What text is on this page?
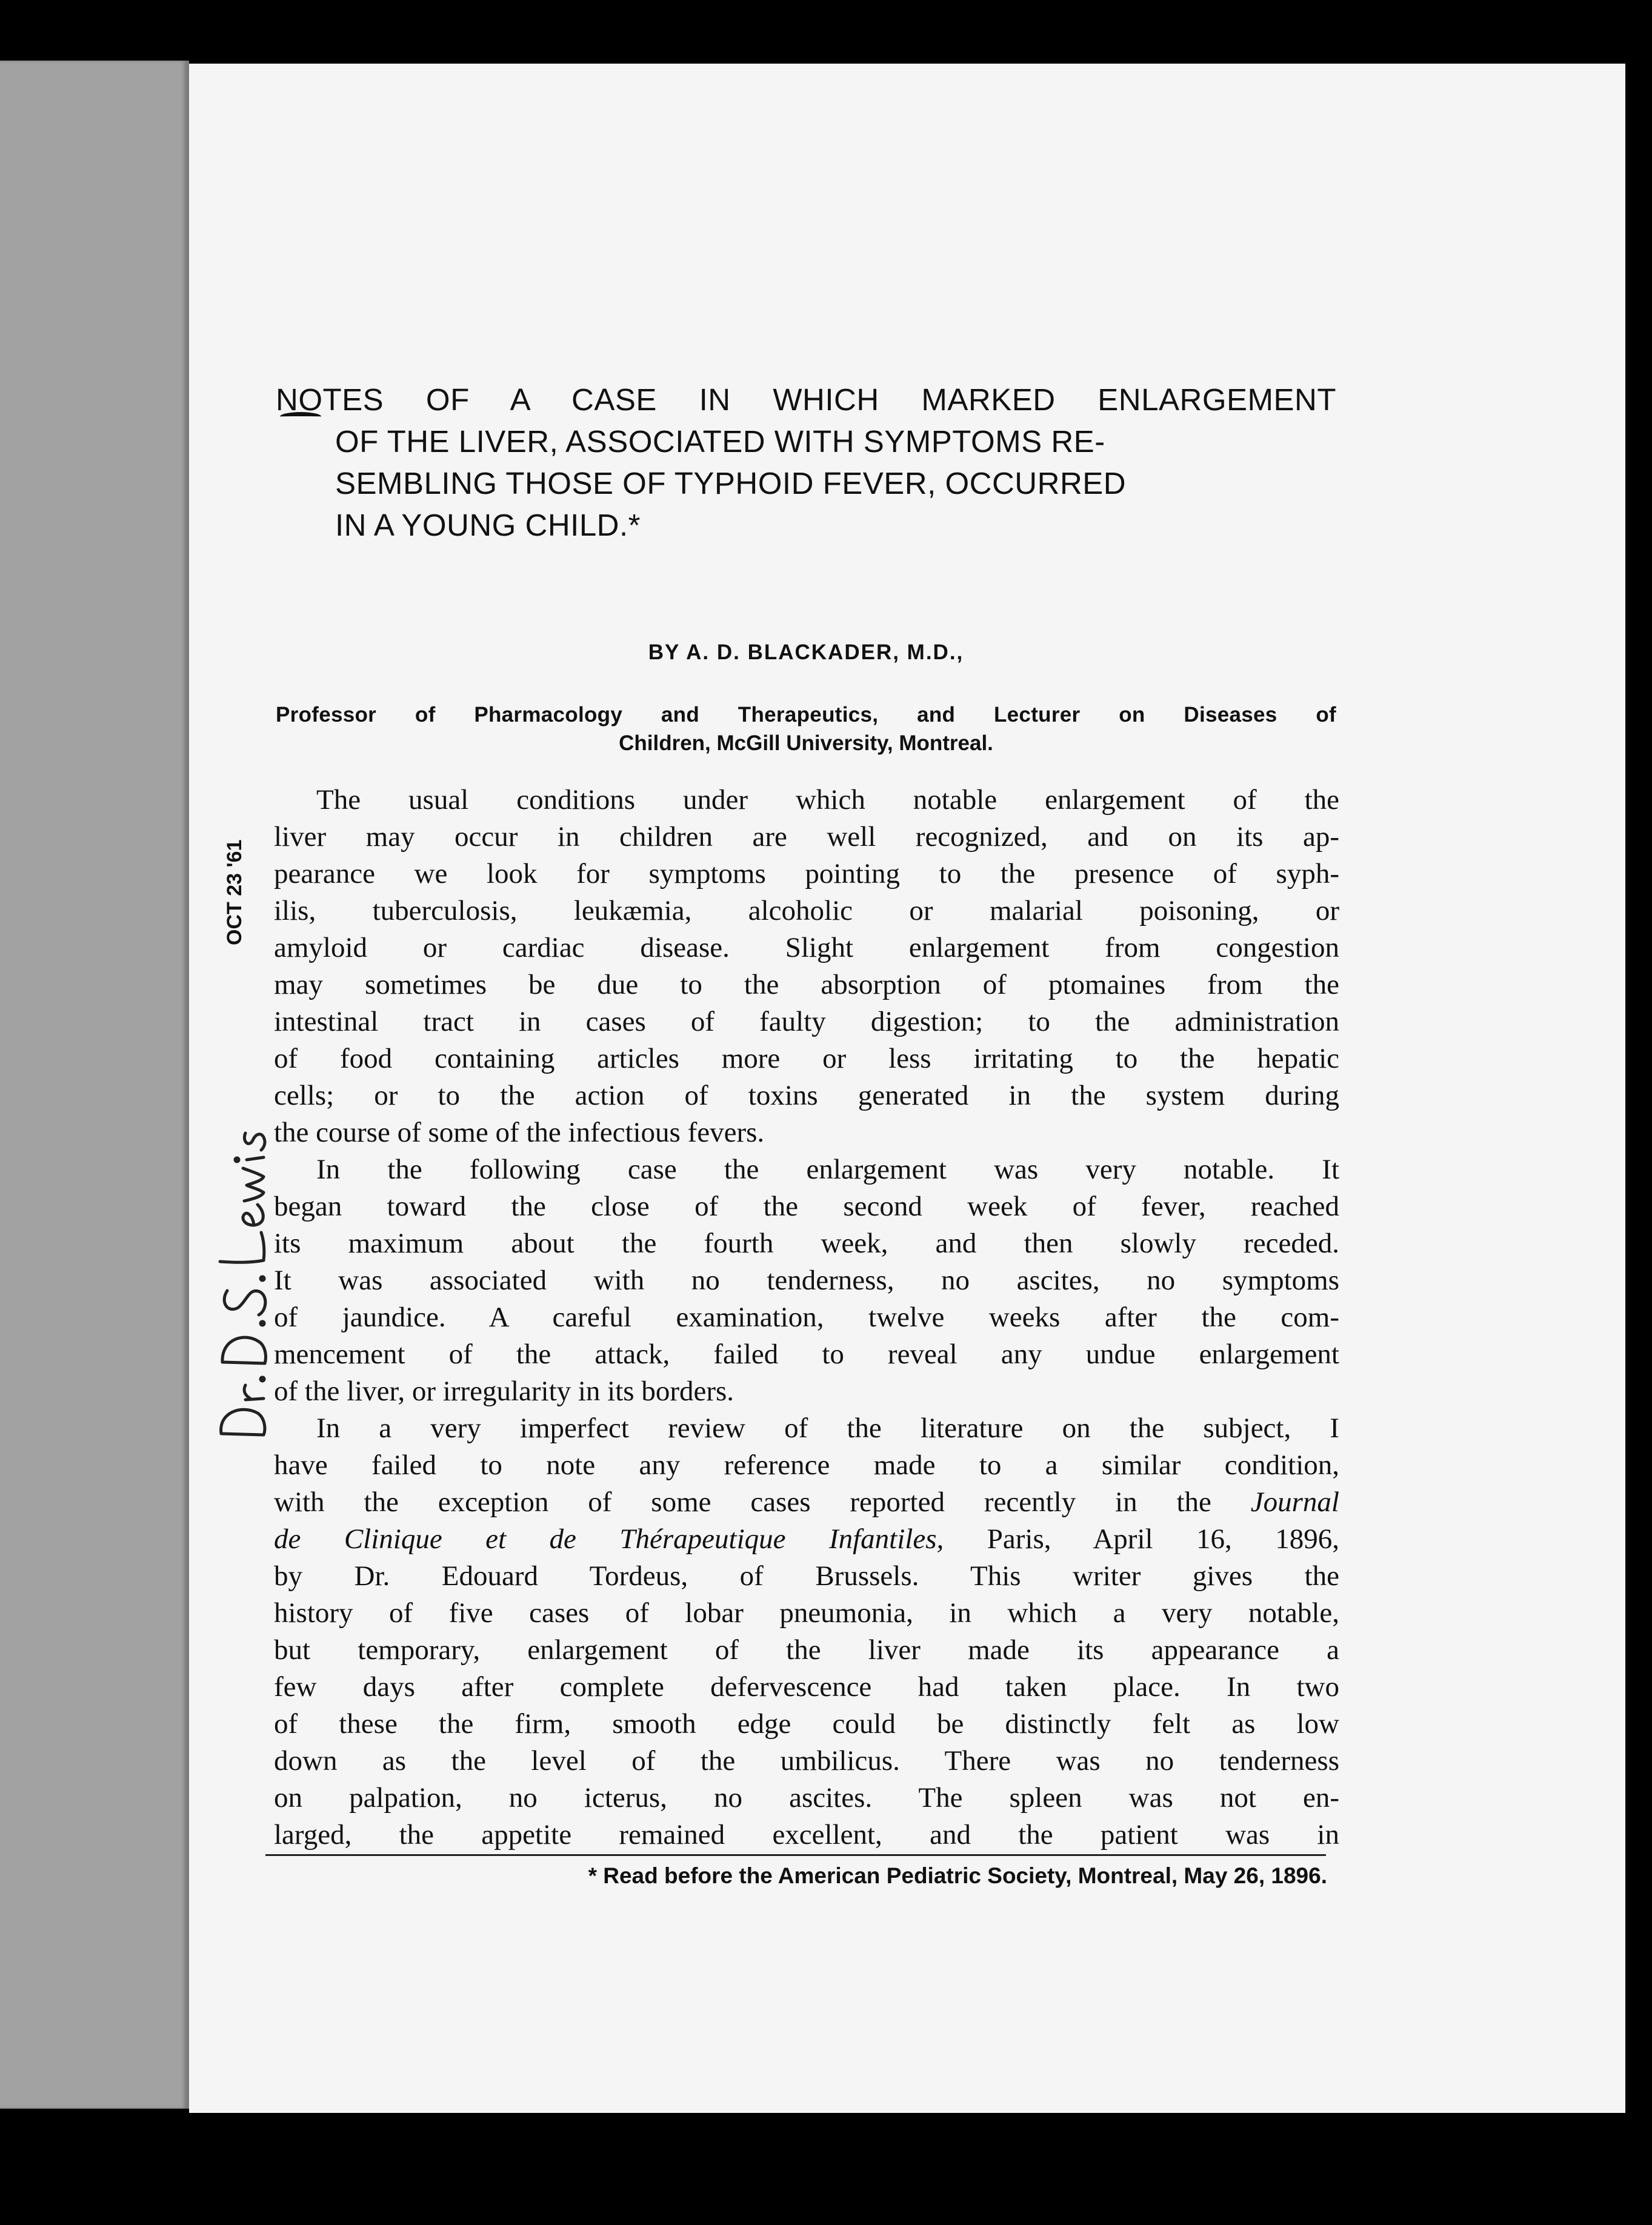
NOTES OF A CASE IN WHICH MARKED ENLARGEMENT
OF THE LIVER, ASSOCIATED WITH SYMPTOMS RE-
SEMBLING THOSE OF TYPHOID FEVER, OCCURRED
IN A YOUNG CHILD.*
BY A. D. BLACKADER, M.D.,
Professor of Pharmacology and Therapeutics, and Lecturer on Diseases of
Children, McGill University, Montreal.
The usual conditions under which notable enlargement of the
liver may occur in children are well recognized, and on its ap-
pearance we look for symptoms pointing to the presence of syph-
ilis, tuberculosis, leukæmia, alcoholic or malarial poisoning, or
amyloid or cardiac disease. Slight enlargement from congestion
may sometimes be due to the absorption of ptomaines from the
intestinal tract in cases of faulty digestion; to the administration
of food containing articles more or less irritating to the hepatic
cells; or to the action of toxins generated in the system during
the course of some of the infectious fevers.
In the following case the enlargement was very notable. It
began toward the close of the second week of fever, reached
its maximum about the fourth week, and then slowly receded.
It was associated with no tenderness, no ascites, no symptoms
of jaundice. A careful examination, twelve weeks after the com-
mencement of the attack, failed to reveal any undue enlargement
of the liver, or irregularity in its borders.
In a very imperfect review of the literature on the subject, I
have failed to note any reference made to a similar condition,
with the exception of some cases reported recently in the Journal
de Clinique et de Thérapeutique Infantiles, Paris, April 16, 1896,
by Dr. Edouard Tordeus, of Brussels. This writer gives the
history of five cases of lobar pneumonia, in which a very notable,
but temporary, enlargement of the liver made its appearance a
few days after complete defervescence had taken place. In two
of these the firm, smooth edge could be distinctly felt as low
down as the level of the umbilicus. There was no tenderness
on palpation, no icterus, no ascites. The spleen was not en-
larged, the appetite remained excellent, and the patient was in
* Read before the American Pediatric Society, Montreal, May 26, 1896.
OCT 23 '61
